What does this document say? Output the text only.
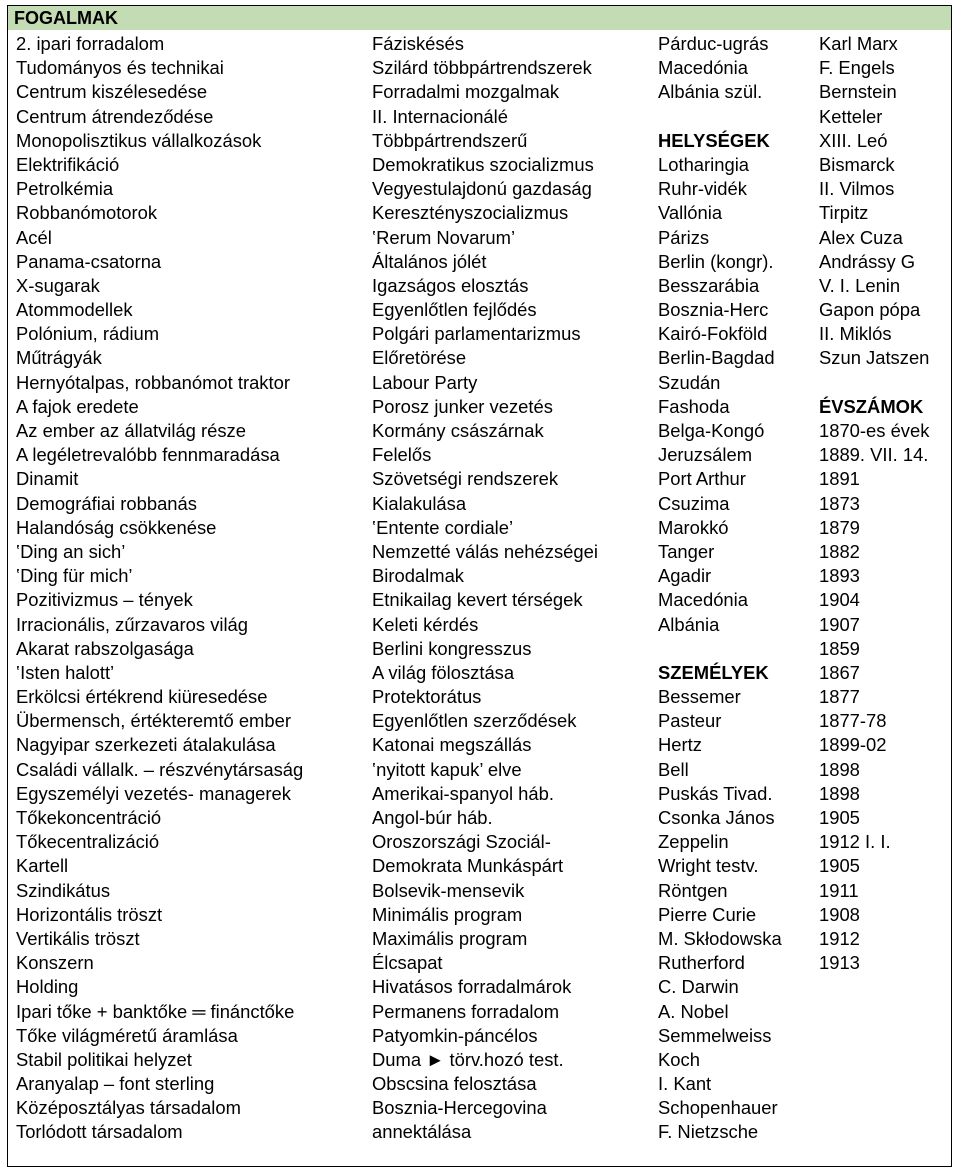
FOGALMAK
2. ipari forradalom
Tudományos és technikai
Centrum kiszélesedése
Centrum átrendeződése
Monopolisztikus vállalkozások
Elektrifikáció
Petrolkémia
Robbanómotorok
Acél
Panama-csatorna
X-sugarak
Atommodellek
Polónium, rádium
Műtrágyák
Hernyótalpas, robbanómot traktor
A fajok eredete
Az ember az állatvilág része
A legéletrevalóbb fennmaradása
Dinamit
Demográfiai robbanás
Halandóság csökkenése
‛Ding an sich’
‛Ding für mich’
Pozitivizmus – tények
Irracionális, zűrzavaros világ
Akarat rabszolgasága
‛Isten halott’
Erkölcsi értékrend kiüresedése
Übermensch, értékteremtő ember
Nagyipar szerkezeti átalakulása
Családi vállalk. – részvénytársaság
Egyszemélyi vezetés- managerek
Tőkekoncentráció
Tőkecentralizáció
Kartell
Szindikátus
Horizontális tröszt
Vertikális tröszt
Konszern
Holding
Ipari tőke + banktőke ═ finánctőke
Tőke világméretű áramlása
Stabil politikai helyzet
Aranyalap – font sterling
Középosztályas társadalom
Torlódott társadalom
Fáziskésés
Szilárd többpártrendszerek
Forradalmi mozgalmak
II. Internacionálé
Többpártrendszerű
Demokratikus szocializmus
Vegyestulajdonú gazdaság
Keresztényszocializmus
‛Rerum Novarum’
Általános jólét
Igazságos elosztás
Egyenlőtlen fejlődés
Polgári parlamentarizmus
Előretörése
Labour Party
Porosz junker vezetés
Kormány császárnak
Felelős
Szövetségi rendszerek
Kialakulása
‛Entente cordiale’
Nemzetté válás nehézségei
Birodalmak
Etnikailag kevert térségek
Keleti kérdés
Berlini kongresszus
A világ fölosztása
Protektorátus
Egyenlőtlen szerződések
Katonai megszállás
‛nyitott kapuk’ elve
Amerikai-spanyol háb.
Angol-búr háb.
Oroszországi Szociál-
Demokrata Munkáspárt
Bolsevik-mensevik
Minimális program
Maximális program
Élcsapat
Hivatásos forradalmárok
Permanens forradalom
Patyomkin-páncélos
Duma ► törv.hozó test.
Obscsina felosztása
Bosznia-Hercegovina
annektálása
Párduc-ugrás
Macedónia
Albánia szül.
HELYSÉGEK
Lotharingia
Ruhr-vidék
Vallónia
Párizs
Berlin (kongr).
Besszarábia
Bosznia-Herc
Kairó-Fokföld
Berlin-Bagdad
Szudán
Fashoda
Belga-Kongó
Jeruzsálem
Port Arthur
Csuzima
Marokkó
Tanger
Agadir
Macedónia
Albánia
SZEMÉLYEK
Bessemer
Pasteur
Hertz
Bell
Puskás Tivad.
Csonka János
Zeppelin
Wright testv.
Röntgen
Pierre Curie
M. Skłodowska
Rutherford
C. Darwin
A. Nobel
Semmelweiss
Koch
I. Kant
Schopenhauer
F. Nietzsche
Karl Marx
F. Engels
Bernstein
Ketteler
XIII. Leó
Bismarck
II. Vilmos
Tirpitz
Alex Cuza
Andrássy G
V. I. Lenin
Gapon pópa
II. Miklós
Szun Jatszen
ÉVSZÁMOK
1870-es évek
1889. VII. 14.
1891
1873
1879
1882
1893
1904
1907
1859
1867
1877
1877-78
1899-02
1898
1898
1905
1912 I. I.
1905
1911
1908
1912
1913
